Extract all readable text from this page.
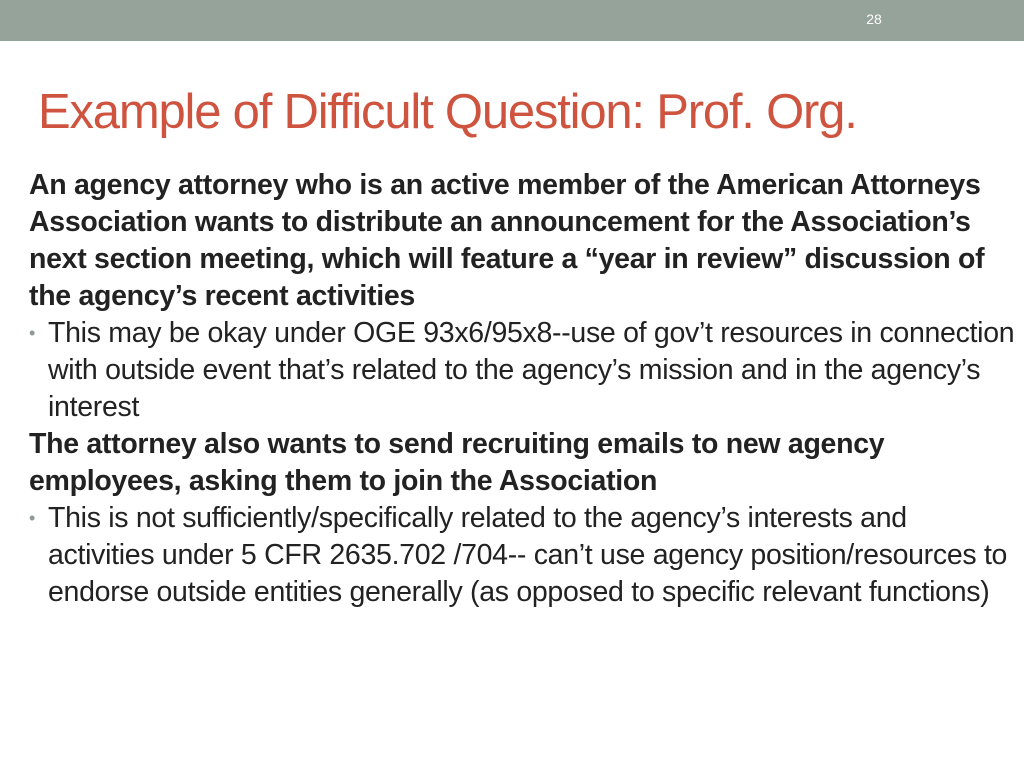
28
Example of Difficult Question: Prof. Org.

An agency attorney who is an active member of the American Attorneys Association wants to distribute an announcement for the Association’s next section meeting, which will feature a “year in review” discussion of the agency’s recent activities

• This may be okay under OGE 93x6/95x8--use of gov’t resources in connection with outside event that’s related to the agency’s mission and in the agency’s interest

The attorney also wants to send recruiting emails to new agency employees, asking them to join the Association

• This is not sufficiently/specifically related to the agency’s interests and activities under 5 CFR 2635.702 /704-- can’t use agency position/resources to endorse outside entities generally (as opposed to specific relevant functions)
